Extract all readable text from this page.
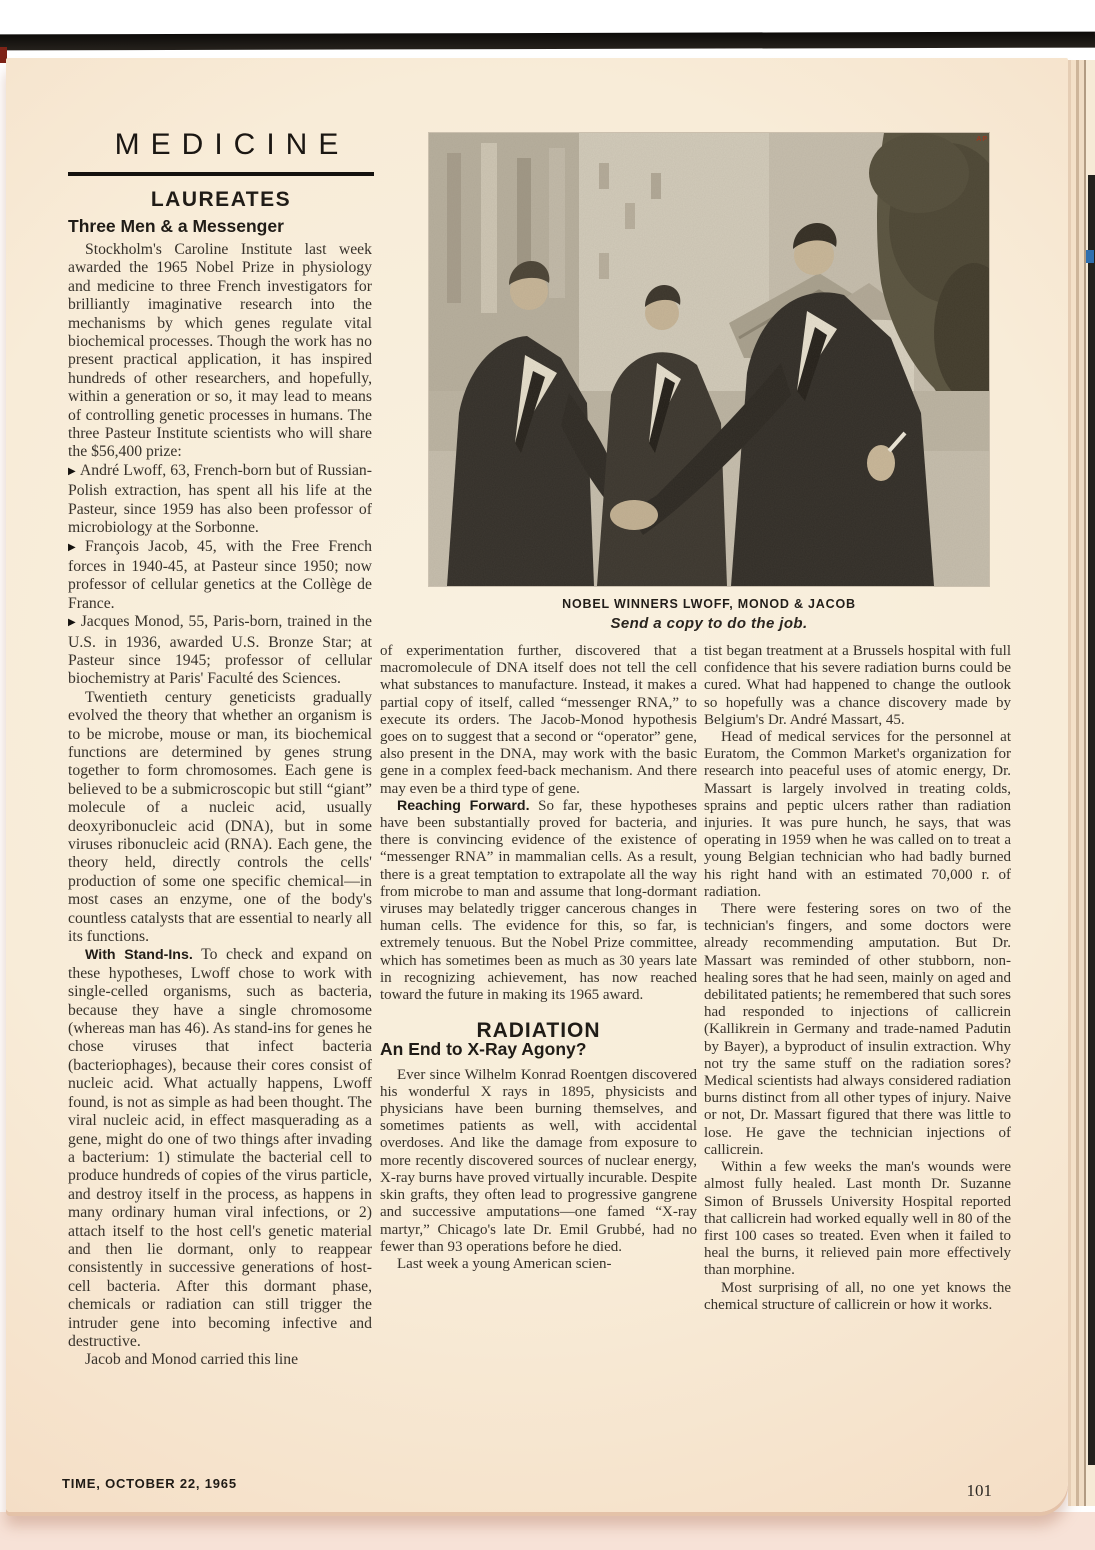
MEDICINE
LAUREATES
Three Men & a Messenger
AP
NOBEL WINNERS LWOFF, MONOD & JACOB
Send a copy to do the job.

Stockholm's Caroline Institute last week awarded the 1965 Nobel Prize in physiology and medicine to three French investigators for brilliantly imaginative research into the mechanisms by which genes regulate vital biochemical processes. Though the work has no present practical application, it has inspired hundreds of other researchers, and hopefully, within a generation or so, it may lead to means of controlling genetic processes in humans. The three Pasteur Institute scientists who will share the $56,400 prize:

▶ André Lwoff, 63, French-born but of Russian-Polish extraction, has spent all his life at the Pasteur, since 1959 has also been professor of microbiology at the Sorbonne.

▶ François Jacob, 45, with the Free French forces in 1940-45, at Pasteur since 1950; now professor of cellular genetics at the Collège de France.

▶ Jacques Monod, 55, Paris-born, trained in the U.S. in 1936, awarded U.S. Bronze Star; at Pasteur since 1945; professor of cellular biochemistry at Paris' Faculté des Sciences.

Twentieth century geneticists gradually evolved the theory that whether an organism is to be microbe, mouse or man, its biochemical functions are determined by genes strung together to form chromosomes. Each gene is believed to be a submicroscopic but still “giant” molecule of a nucleic acid, usually deoxyribonucleic acid (DNA), but in some viruses ribonucleic acid (RNA). Each gene, the theory held, directly controls the cells' production of some one specific chemical—in most cases an enzyme, one of the body's countless catalysts that are essential to nearly all its functions.

With Stand-Ins. To check and expand on these hypotheses, Lwoff chose to work with single-celled organisms, such as bacteria, because they have a single chromosome (whereas man has 46). As stand-ins for genes he chose viruses that infect bacteria (bacteriophages), because their cores consist of nucleic acid. What actually happens, Lwoff found, is not as simple as had been thought. The viral nucleic acid, in effect masquerading as a gene, might do one of two things after invading a bacterium: 1) stimulate the bacterial cell to produce hundreds of copies of the virus particle, and destroy itself in the process, as happens in many ordinary human viral infections, or 2) attach itself to the host cell's genetic material and then lie dormant, only to reappear consistently in successive generations of host-cell bacteria. After this dormant phase, chemicals or radiation can still trigger the intruder gene into becoming infective and destructive.

Jacob and Monod carried this line

of experimentation further, discovered that a macromolecule of DNA itself does not tell the cell what substances to manufacture. Instead, it makes a partial copy of itself, called “messenger RNA,” to execute its orders. The Jacob-Monod hypothesis goes on to suggest that a second or “operator” gene, also present in the DNA, may work with the basic gene in a complex feed-back mechanism. And there may even be a third type of gene.

Reaching Forward. So far, these hypotheses have been substantially proved for bacteria, and there is convincing evidence of the existence of “messenger RNA” in mammalian cells. As a result, there is a great temptation to extrapolate all the way from microbe to man and assume that long-dormant viruses may belatedly trigger cancerous changes in human cells. The evidence for this, so far, is extremely tenuous. But the Nobel Prize committee, which has sometimes been as much as 30 years late in recognizing achievement, has now reached toward the future in making its 1965 award.

RADIATION
An End to X-Ray Agony?

Ever since Wilhelm Konrad Roentgen discovered his wonderful X rays in 1895, physicists and physicians have been burning themselves, and sometimes patients as well, with accidental overdoses. And like the damage from exposure to more recently discovered sources of nuclear energy, X-ray burns have proved virtually incurable. Despite skin grafts, they often lead to progressive gangrene and successive amputations—one famed “X-ray martyr,” Chicago's late Dr. Emil Grubbé, had no fewer than 93 operations before he died.

Last week a young American scien-

tist began treatment at a Brussels hospital with full confidence that his severe radiation burns could be cured. What had happened to change the outlook so hopefully was a chance discovery made by Belgium's Dr. André Massart, 45.

Head of medical services for the personnel at Euratom, the Common Market's organization for research into peaceful uses of atomic energy, Dr. Massart is largely involved in treating colds, sprains and peptic ulcers rather than radiation injuries. It was pure hunch, he says, that was operating in 1959 when he was called on to treat a young Belgian technician who had badly burned his right hand with an estimated 70,000 r. of radiation.

There were festering sores on two of the technician's fingers, and some doctors were already recommending amputation. But Dr. Massart was reminded of other stubborn, non-healing sores that he had seen, mainly on aged and debilitated patients; he remembered that such sores had responded to injections of callicrein (Kallikrein in Germany and trade-named Padutin by Bayer), a byproduct of insulin extraction. Why not try the same stuff on the radiation sores? Medical scientists had always considered radiation burns distinct from all other types of injury. Naive or not, Dr. Massart figured that there was little to lose. He gave the technician injections of callicrein.

Within a few weeks the man's wounds were almost fully healed. Last month Dr. Suzanne Simon of Brussels University Hospital reported that callicrein had worked equally well in 80 of the first 100 cases so treated. Even when it failed to heal the burns, it relieved pain more effectively than morphine.

Most surprising of all, no one yet knows the chemical structure of callicrein or how it works.

TIME, OCTOBER 22, 1965	101
